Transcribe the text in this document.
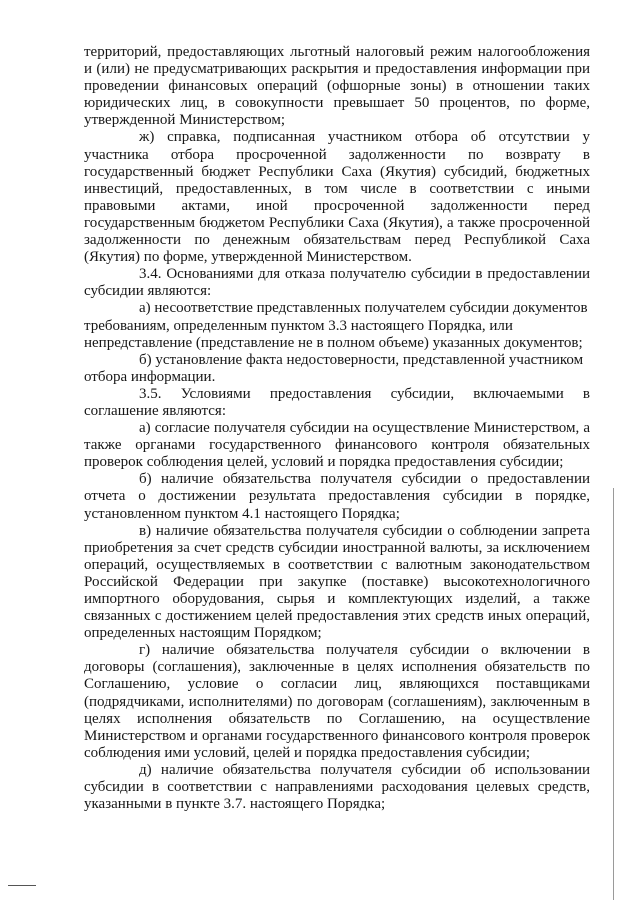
территорий, предоставляющих льготный налоговый режим налогообложения и (или) не предусматривающих раскрытия и предоставления информации при проведении финансовых операций (офшорные зоны) в отношении таких юридических лиц, в совокупности превышает 50 процентов, по форме, утвержденной Министерством;

ж) справка, подписанная участником отбора об отсутствии у участника отбора просроченной задолженности по возврату в государственный бюджет Республики Саха (Якутия) субсидий, бюджетных инвестиций, предоставленных, в том числе в соответствии с иными правовыми актами, иной просроченной задолженности перед государственным бюджетом Республики Саха (Якутия), а также просроченной задолженности по денежным обязательствам перед Республикой Саха (Якутия) по форме, утвержденной Министерством.

3.4. Основаниями для отказа получателю субсидии в предоставлении субсидии являются:

а) несоответствие представленных получателем субсидии документов требованиям, определенным пунктом 3.3 настоящего Порядка, или непредставление (представление не в полном объеме) указанных документов;

б) установление факта недостоверности, представленной участником отбора информации.

3.5. Условиями предоставления субсидии, включаемыми в соглашение являются:

а) согласие получателя субсидии на осуществление Министерством, а также органами государственного финансового контроля обязательных проверок соблюдения целей, условий и порядка предоставления субсидии;

б) наличие обязательства получателя субсидии о предоставлении отчета о достижении результата предоставления субсидии в порядке, установленном пунктом 4.1 настоящего Порядка;

в) наличие обязательства получателя субсидии о соблюдении запрета приобретения за счет средств субсидии иностранной валюты, за исключением операций, осуществляемых в соответствии с валютным законодательством Российской Федерации при закупке (поставке) высокотехнологичного импортного оборудования, сырья и комплектующих изделий, а также связанных с достижением целей предоставления этих средств иных операций, определенных настоящим Порядком;

г) наличие обязательства получателя субсидии о включении в договоры (соглашения), заключенные в целях исполнения обязательств по Соглашению, условие о согласии лиц, являющихся поставщиками (подрядчиками, исполнителями) по договорам (соглашениям), заключенным в целях исполнения обязательств по Соглашению, на осуществление Министерством и органами государственного финансового контроля проверок соблюдения ими условий, целей и порядка предоставления субсидии;

д) наличие обязательства получателя субсидии об использовании субсидии в соответствии с направлениями расходования целевых средств, указанными в пункте 3.7. настоящего Порядка;
